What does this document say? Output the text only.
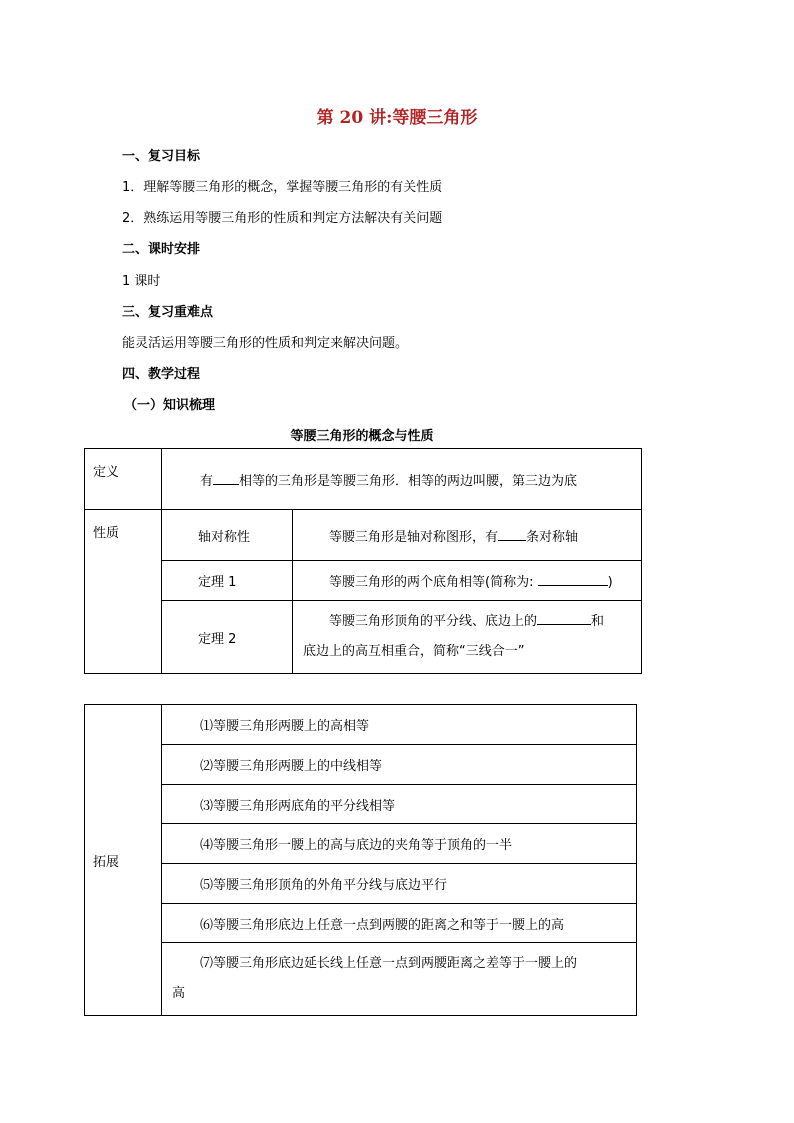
第 20 讲:等腰三角形
一、复习目标
1．理解等腰三角形的概念，掌握等腰三角形的有关性质
2．熟练运用等腰三角形的性质和判定方法解决有关问题
二、课时安排
1 课时
三、复习重难点
能灵活运用等腰三角形的性质和判定来解决问题。
四、教学过程
（一）知识梳理
等腰三角形的概念与性质
定义	有 相等的三角形是等腰三角形．相等的两边叫腰，第三边为底	
性质	轴对称性	等腰三角形是轴对称图形，有 条对称轴
	定理 1	等腰三角形的两个底角相等(简称为: )
	定理 2	等腰三角形顶角的平分线、底边上的 和
底边上的高互相重合，简称“三线合一”
拓展	⑴等腰三角形两腰上的高相等
⑵等腰三角形两腰上的中线相等
⑶等腰三角形两底角的平分线相等
⑷等腰三角形一腰上的高与底边的夹角等于顶角的一半
⑸等腰三角形顶角的外角平分线与底边平行
⑹等腰三角形底边上任意一点到两腰的距离之和等于一腰上的高

⑺等腰三角形底边延长线上任意一点到两腰距离之差等于一腰上的
高
